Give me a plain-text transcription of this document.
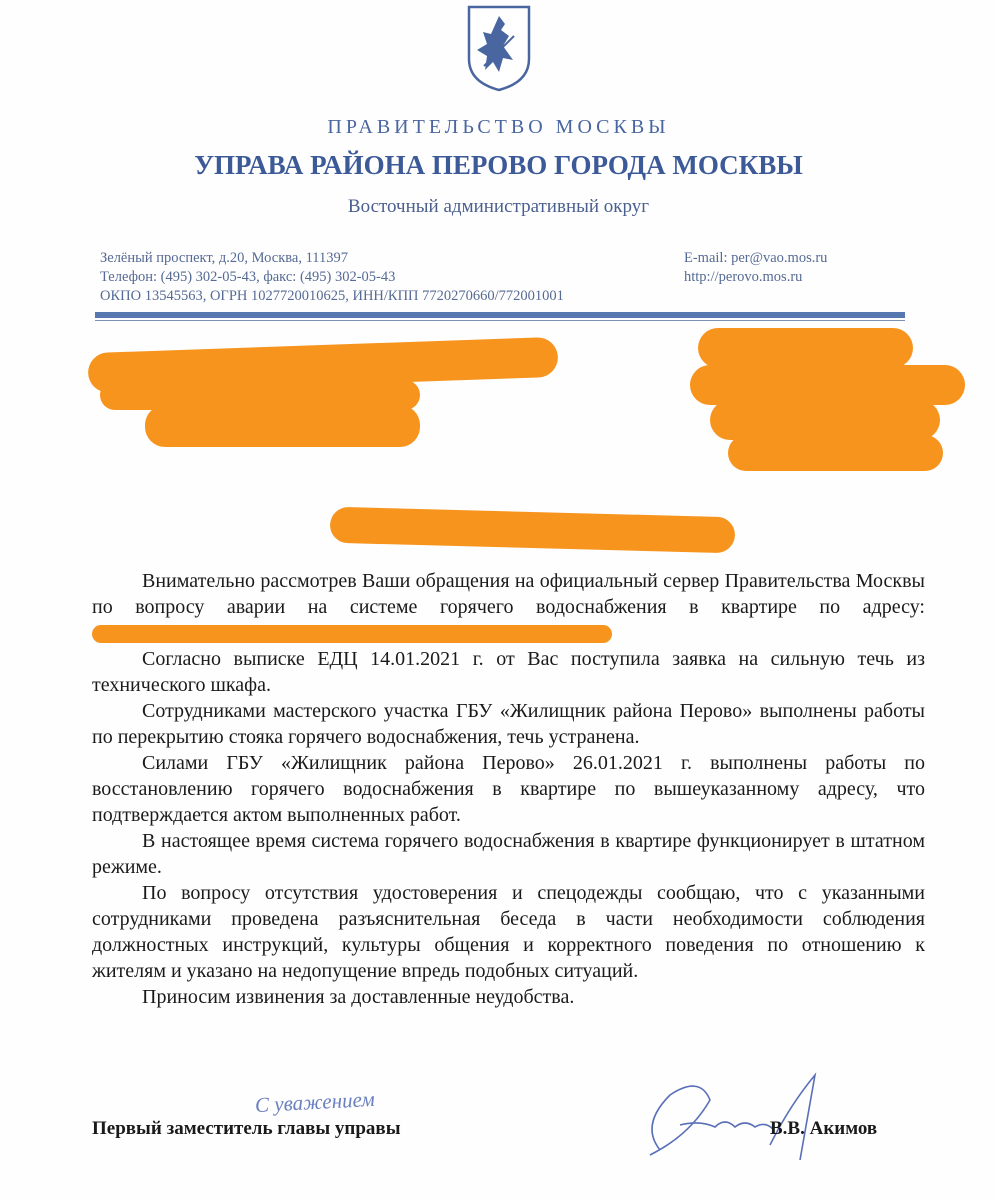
ПРАВИТЕЛЬСТВО МОСКВЫ
УПРАВА РАЙОНА ПЕРОВО ГОРОДА МОСКВЫ
Восточный административный округ
Зелёный проспект, д.20, Москва, 111397
Телефон: (495) 302-05-43, факс: (495) 302-05-43
ОКПО 13545563, ОГРН 1027720010625, ИНН/КПП 7720270660/772001001
E-mail: per@vao.mos.ru
http://perovo.mos.ru

Внимательно рассмотрев Ваши обращения на официальный сервер Правительства Москвы по вопросу аварии на системе горячего водоснабжения в квартире по адресу:

Согласно выписке ЕДЦ 14.01.2021 г. от Вас поступила заявка на сильную течь из технического шкафа.

Сотрудниками мастерского участка ГБУ «Жилищник района Перово» выполнены работы по перекрытию стояка горячего водоснабжения, течь устранена.

Силами ГБУ «Жилищник района Перово» 26.01.2021 г. выполнены работы по восстановлению горячего водоснабжения в квартире по вышеуказанному адресу, что подтверждается актом выполненных работ.

В настоящее время система горячего водоснабжения в квартире функционирует в штатном режиме.

По вопросу отсутствия удостоверения и спецодежды сообщаю, что с указанными сотрудниками проведена разъяснительная беседа в части необходимости соблюдения должностных инструкций, культуры общения и корректного поведения по отношению к жителям и указано на недопущение впредь подобных ситуаций.

Приносим извинения за доставленные неудобства.

С уважением
Первый заместитель главы управы	В.В. Акимов
